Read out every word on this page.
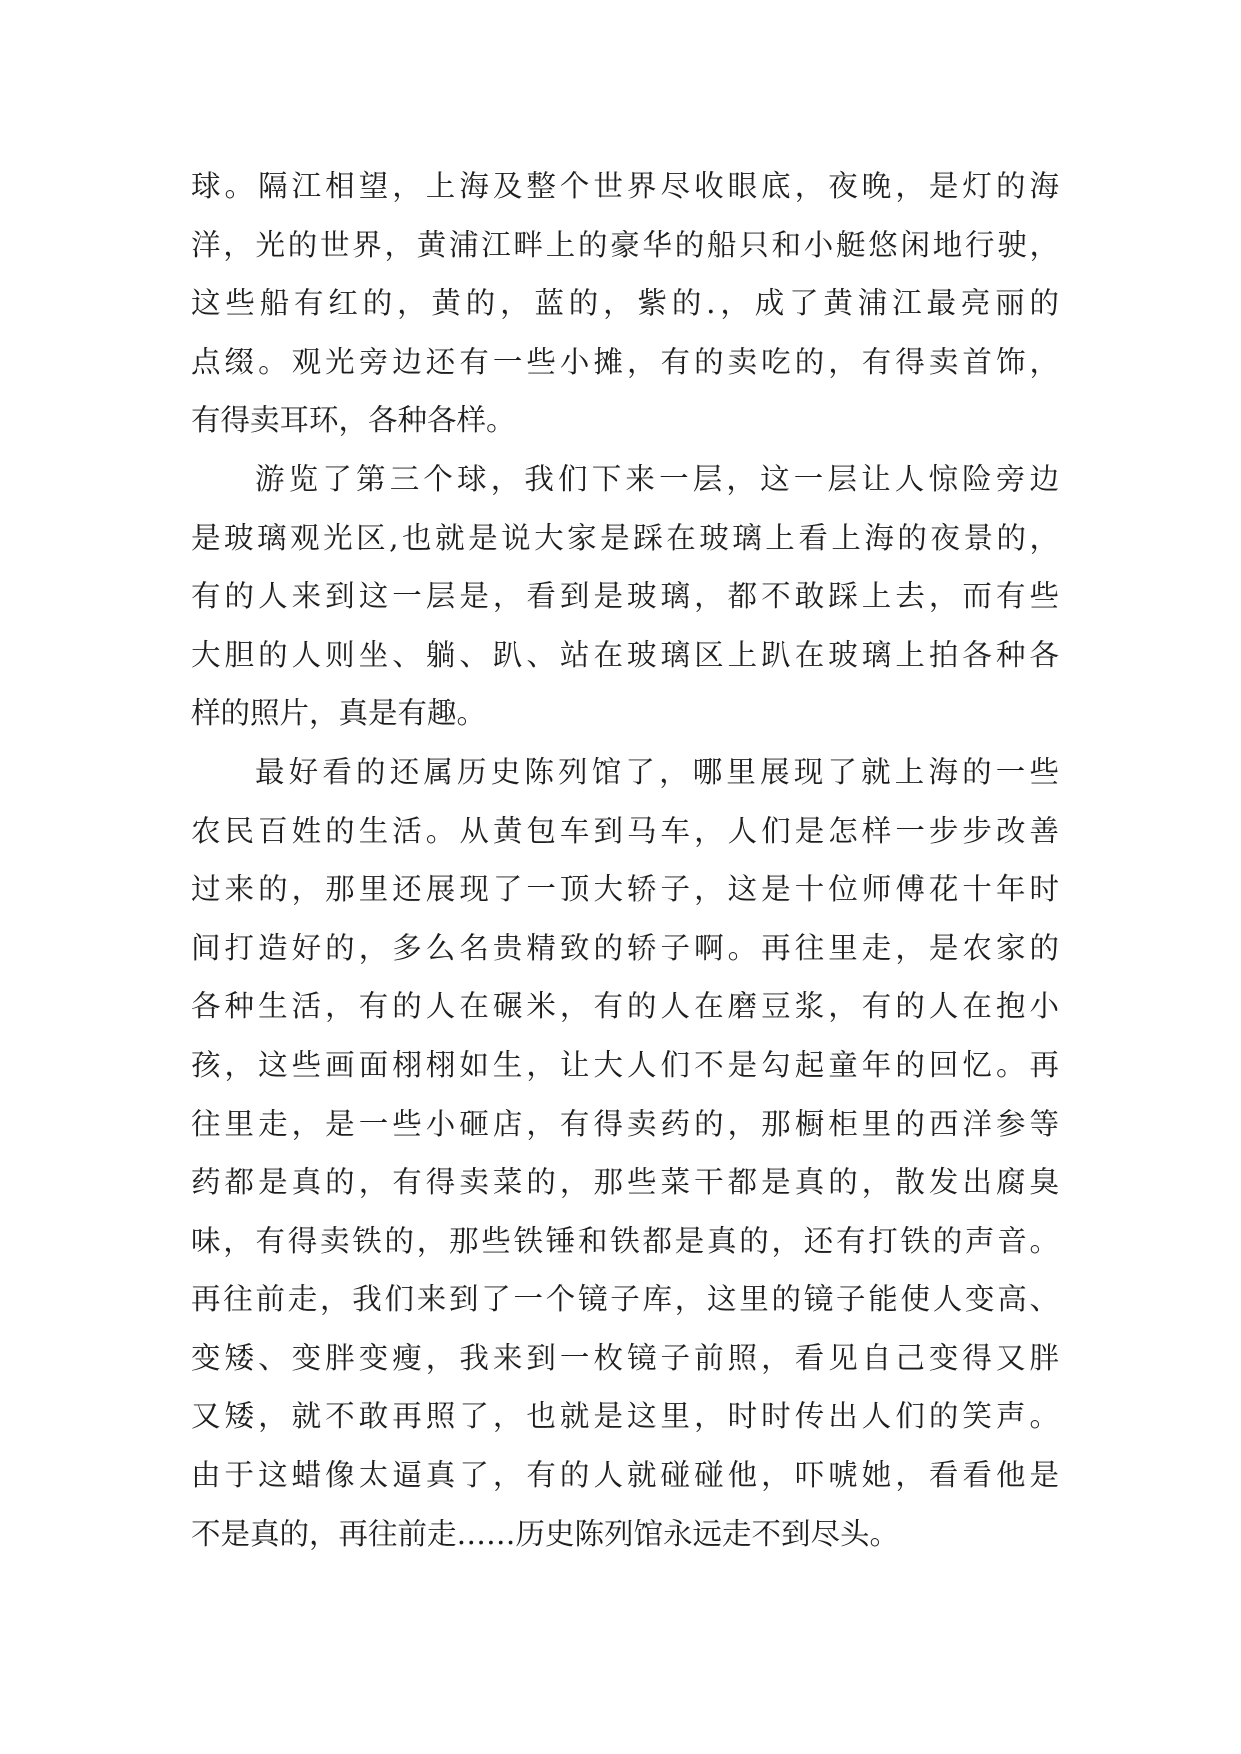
球。隔江相望，上海及整个世界尽收眼底，夜晚，是灯的海
洋，光的世界，黄浦江畔上的豪华的船只和小艇悠闲地行驶，
这些船有红的，黄的，蓝的，紫的.，成了黄浦江最亮丽的
点缀。观光旁边还有一些小摊，有的卖吃的，有得卖首饰，
有得卖耳环，各种各样。
游览了第三个球，我们下来一层，这一层让人惊险旁边
是玻璃观光区,也就是说大家是踩在玻璃上看上海的夜景的，
有的人来到这一层是，看到是玻璃，都不敢踩上去，而有些
大胆的人则坐、躺、趴、站在玻璃区上趴在玻璃上拍各种各
样的照片，真是有趣。
最好看的还属历史陈列馆了，哪里展现了就上海的一些
农民百姓的生活。从黄包车到马车，人们是怎样一步步改善
过来的，那里还展现了一顶大轿子，这是十位师傅花十年时
间打造好的，多么名贵精致的轿子啊。再往里走，是农家的
各种生活，有的人在碾米，有的人在磨豆浆，有的人在抱小
孩，这些画面栩栩如生，让大人们不是勾起童年的回忆。再
往里走，是一些小砸店，有得卖药的，那橱柜里的西洋参等
药都是真的，有得卖菜的，那些菜干都是真的，散发出腐臭
味，有得卖铁的，那些铁锤和铁都是真的，还有打铁的声音。
再往前走，我们来到了一个镜子库，这里的镜子能使人变高、
变矮、变胖变瘦，我来到一枚镜子前照，看见自己变得又胖
又矮，就不敢再照了，也就是这里，时时传出人们的笑声。
由于这蜡像太逼真了，有的人就碰碰他，吓唬她，看看他是
不是真的，再往前走……历史陈列馆永远走不到尽头。
